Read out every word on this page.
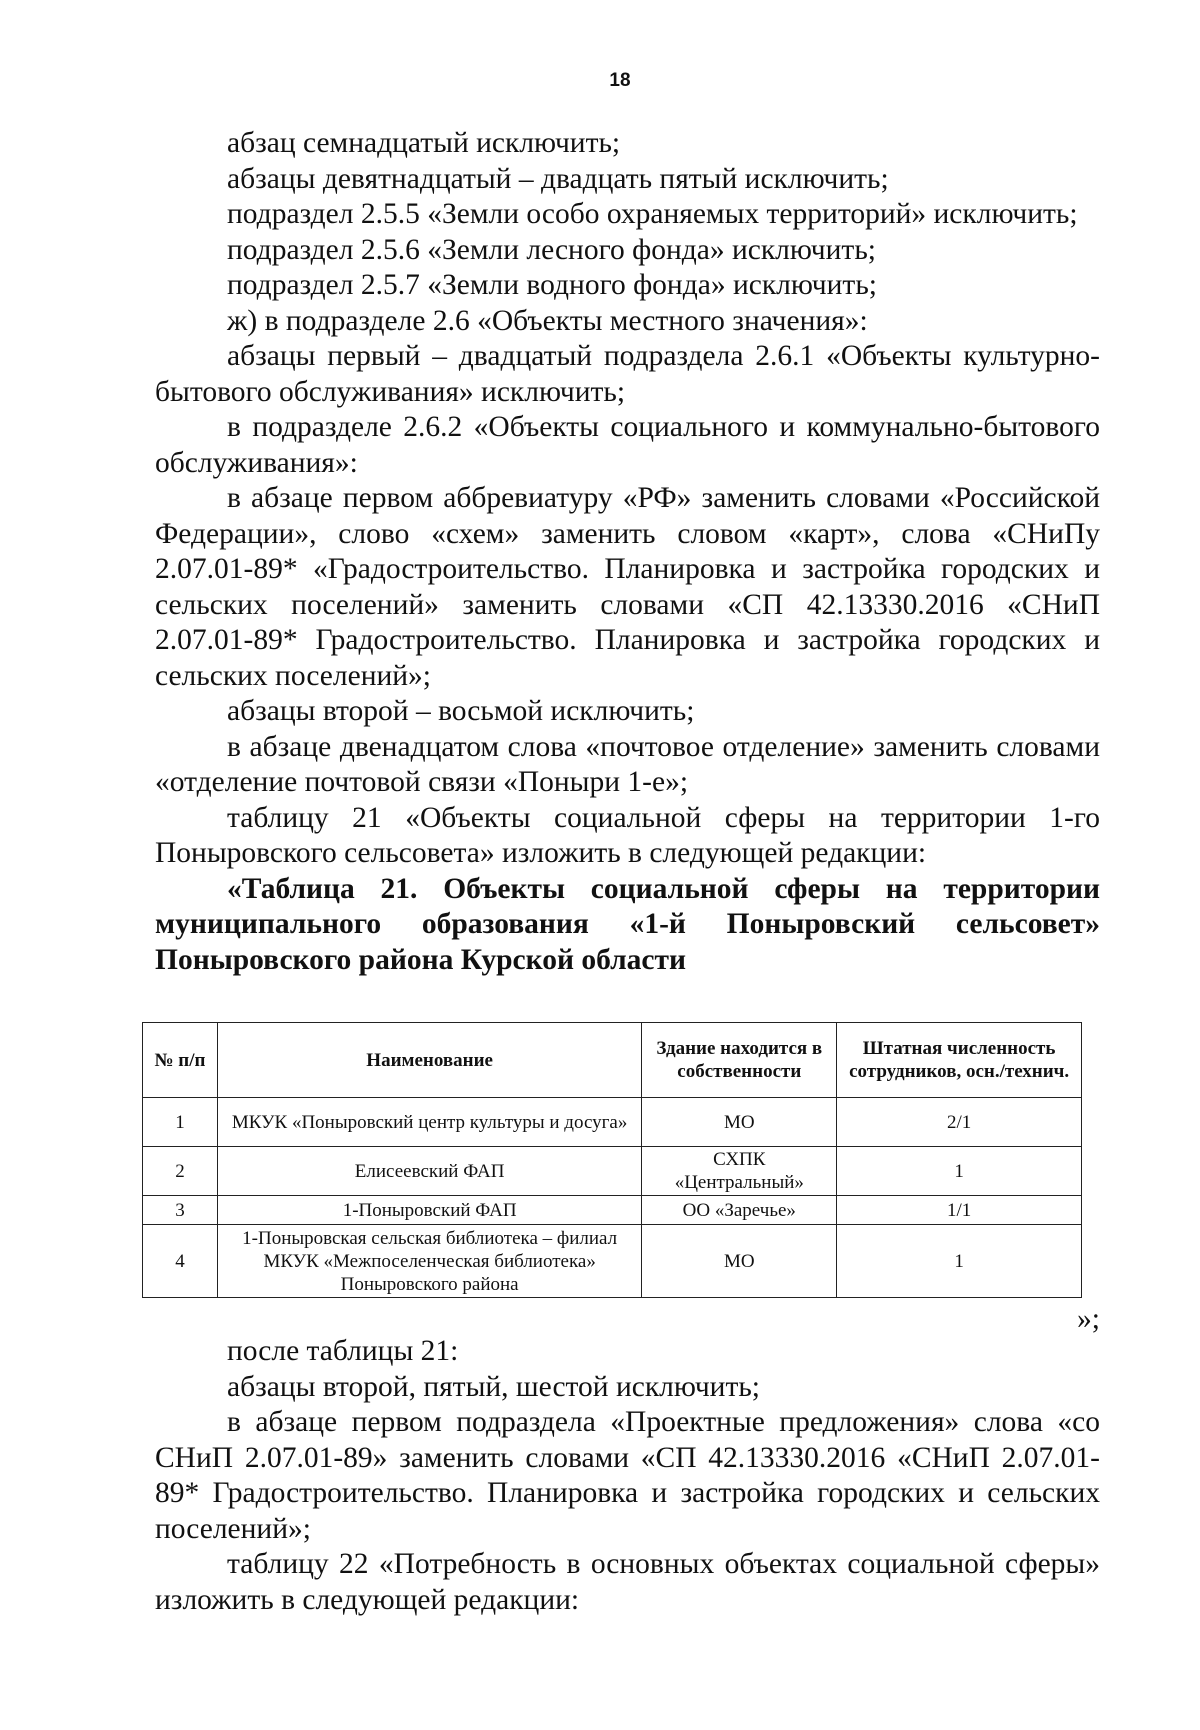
18

абзац семнадцатый исключить;

абзацы девятнадцатый – двадцать пятый исключить;

подраздел 2.5.5 «Земли особо охраняемых территорий» исключить;

подраздел 2.5.6 «Земли лесного фонда» исключить;

подраздел 2.5.7 «Земли водного фонда» исключить;

ж) в подразделе 2.6 «Объекты местного значения»:

абзацы первый – двадцатый подраздела 2.6.1 «Объекты культурно-бытового обслуживания» исключить;

в подразделе 2.6.2 «Объекты социального и коммунально-бытового обслуживания»:

в абзаце первом аббревиатуру «РФ» заменить словами «Российской Федерации», слово «схем» заменить словом «карт», слова «СНиПу 2.07.01-89* «Градостроительство. Планировка и застройка городских и сельских поселений» заменить словами «СП 42.13330.2016 «СНиП 2.07.01-89* Градостроительство. Планировка и застройка городских и сельских поселений»;

абзацы второй – восьмой исключить;

в абзаце двенадцатом слова «почтовое отделение» заменить словами «отделение почтовой связи «Поныри 1-е»;

таблицу 21 «Объекты социальной сферы на территории 1-го Поныровского сельсовета» изложить в следующей редакции:

«Таблица 21. Объекты социальной сферы на территории муниципального образования «1-й Поныровский сельсовет» Поныровского района Курской области

№ п/п	Наименование	Здание находится в собственности	Штатная численность сотрудников, осн./технич.
1	МКУК «Поныровский центр культуры и досуга»	МО	2/1
2	Елисеевский ФАП	СХПК «Центральный»	1
3	1-Поныровский ФАП	ОО «Заречье»	1/1
4	1-Поныровская сельская библиотека – филиал МКУК «Межпоселенческая библиотека» Поныровского района	МО	1

»;

после таблицы 21:

абзацы второй, пятый, шестой исключить;

в абзаце первом подраздела «Проектные предложения» слова «со СНиП 2.07.01-89» заменить словами «СП 42.13330.2016 «СНиП 2.07.01-89* Градостроительство. Планировка и застройка городских и сельских поселений»;

таблицу 22 «Потребность в основных объектах социальной сферы» изложить в следующей редакции:
